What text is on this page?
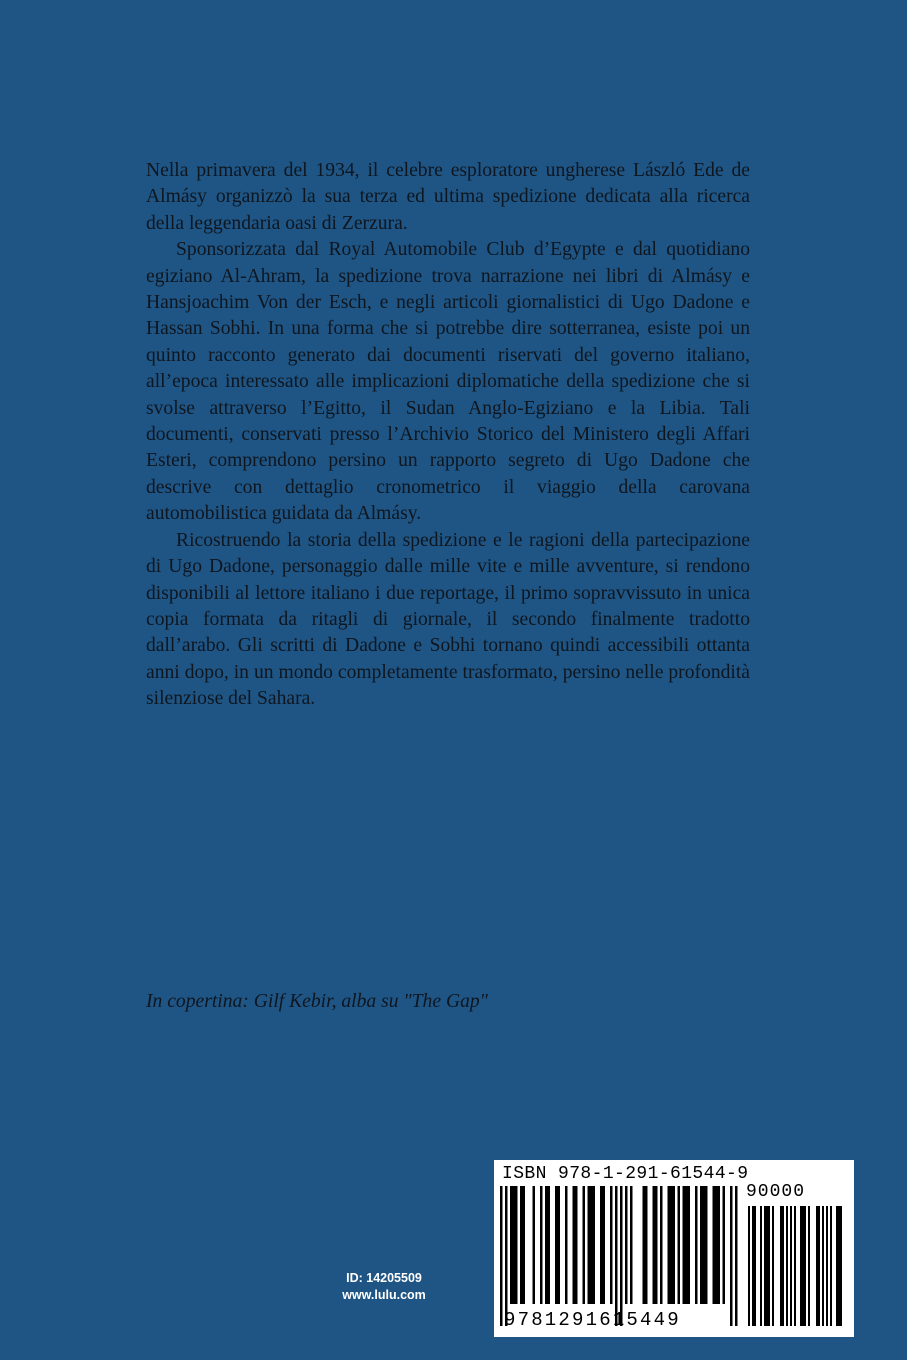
Nella primavera del 1934, il celebre esploratore ungherese László Ede de Almásy organizzò la sua terza ed ultima spedizione dedicata alla ricerca della leggendaria oasi di Zerzura.

Sponsorizzata dal Royal Automobile Club d’Egypte e dal quotidiano egiziano Al-Ahram, la spedizione trova narrazione nei libri di Almásy e Hansjoachim Von der Esch, e negli articoli giornalistici di Ugo Dadone e Hassan Sobhi. In una forma che si potrebbe dire sotterranea, esiste poi un quinto racconto generato dai documenti riservati del governo italiano, all’epoca interessato alle implicazioni diplomatiche della spedizione che si svolse attraverso l’Egitto, il Sudan Anglo-Egiziano e la Libia. Tali documenti, conservati presso l’Archivio Storico del Ministero degli Affari Esteri, comprendono persino un rapporto segreto di Ugo Dadone che descrive con dettaglio cronometrico il viaggio della carovana automobilistica guidata da Almásy.

Ricostruendo la storia della spedizione e le ragioni della partecipazione di Ugo Dadone, personaggio dalle mille vite e mille avventure, si rendono disponibili al lettore italiano i due reportage, il primo sopravvissuto in unica copia formata da ritagli di giornale, il secondo finalmente tradotto dall’arabo. Gli scritti di Dadone e Sobhi tornano quindi accessibili ottanta anni dopo, in un mondo completamente trasformato, persino nelle profondità silenziose del Sahara.

In copertina: Gilf Kebir, alba su "The Gap"
ID: 14205509
www.lulu.com
ISBN 978-1-291-61544-9
90000
9781291615449
